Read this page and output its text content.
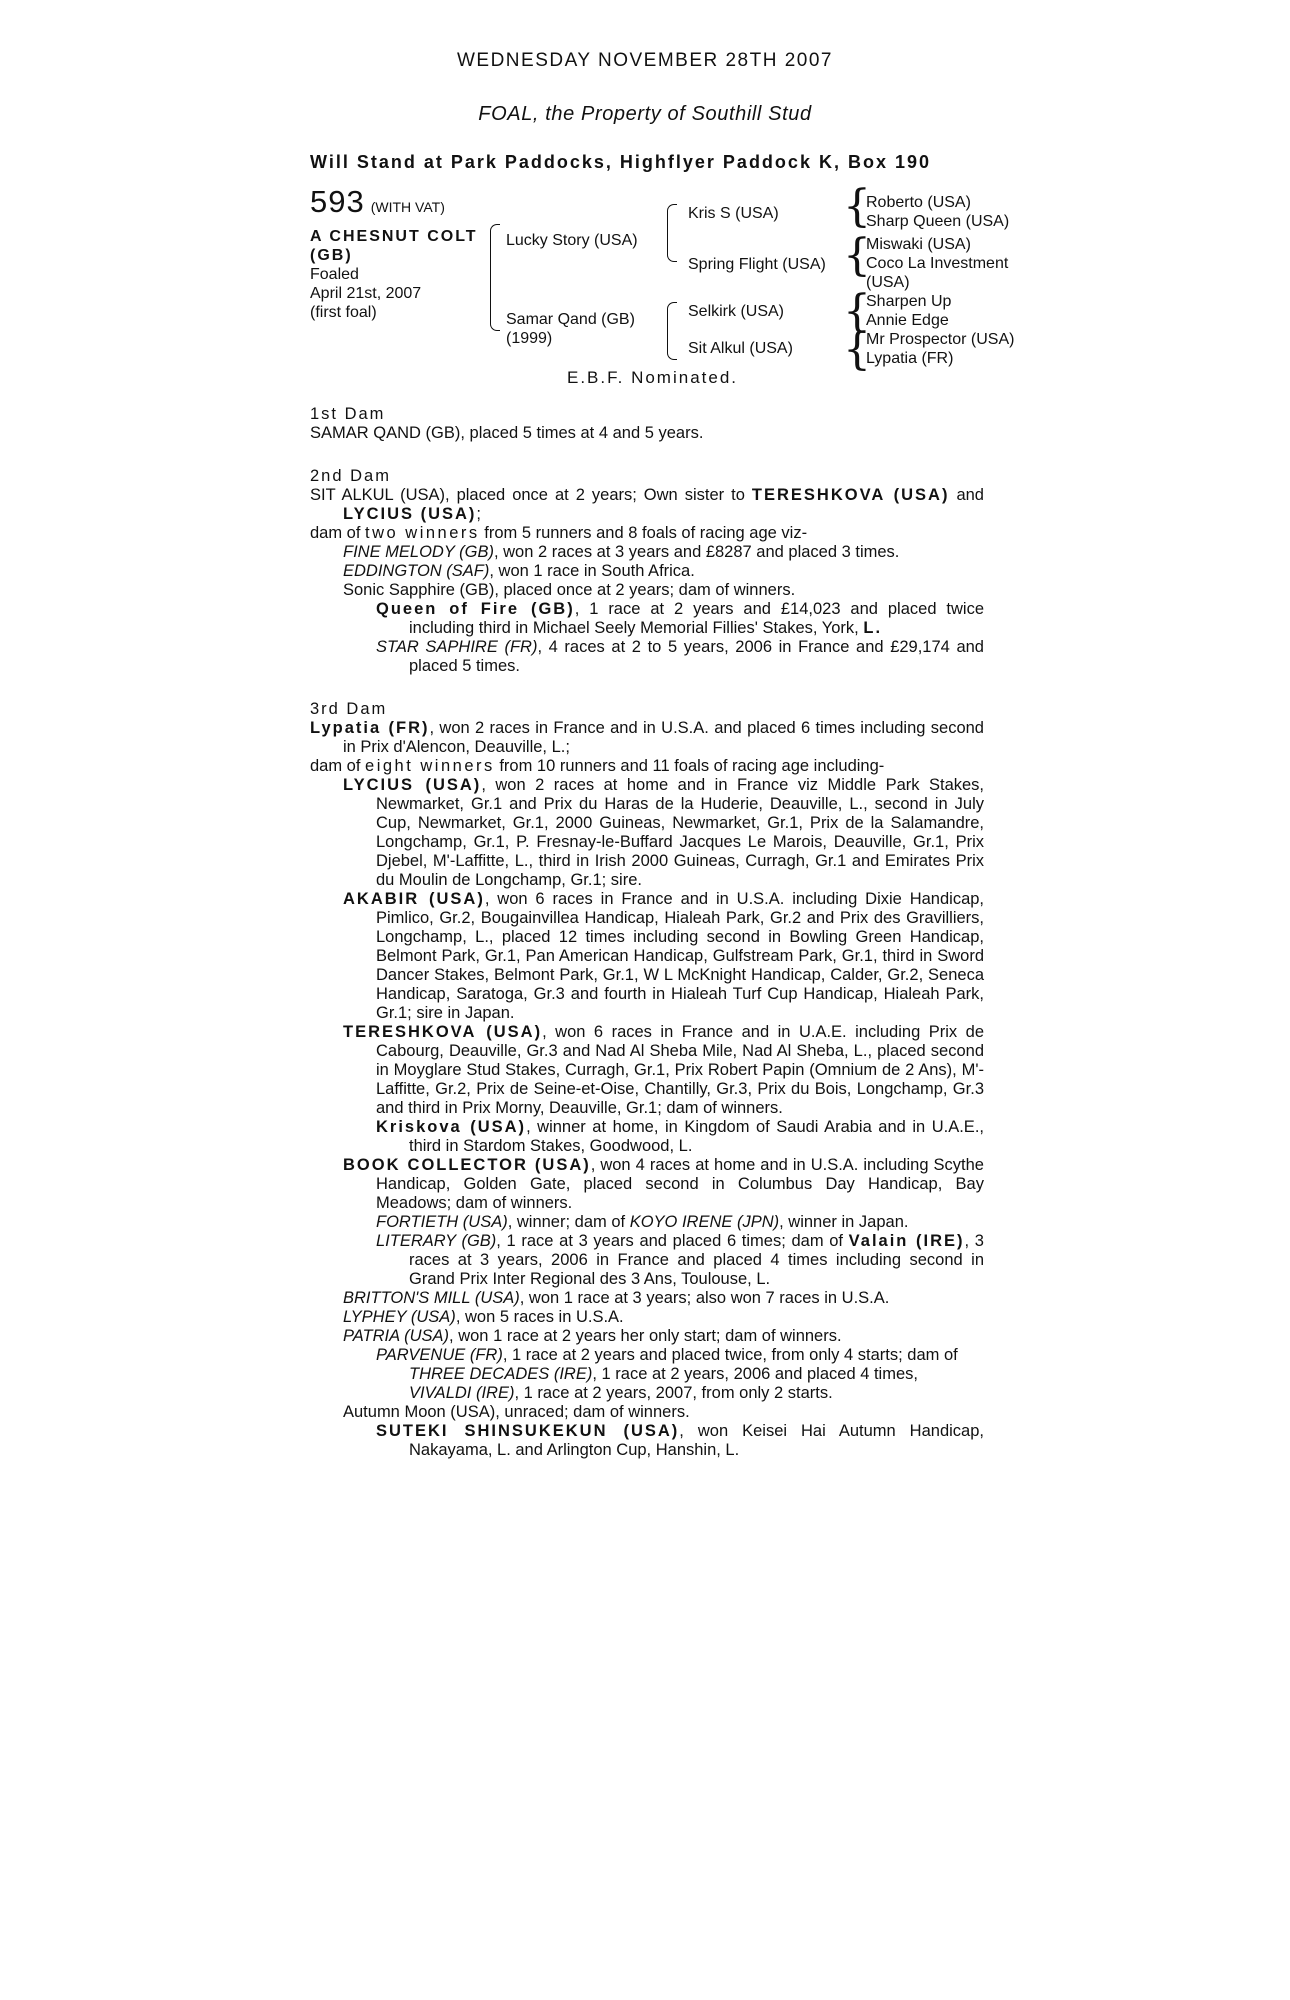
WEDNESDAY NOVEMBER 28TH 2007
FOAL, the Property of Southill Stud
Will Stand at Park Paddocks, Highflyer Paddock K, Box 190
593 (WITH VAT)
A CHESNUT COLT
(GB)
Foaled
April 21st, 2007
(first foal)
Lucky Story (USA)
Samar Qand (GB)
(1999)
Kris S (USA)
Spring Flight (USA)
Selkirk (USA)
Sit Alkul (USA)
{
Roberto (USA)
Sharp Queen (USA)
{
Miswaki (USA)
Coco La Investment
(USA)
{
Sharpen Up
Annie Edge
{
Mr Prospector (USA)
Lypatia (FR)
E.B.F. Nominated.
1st Dam

SAMAR QAND (GB), placed 5 times at 4 and 5 years.

2nd Dam

SIT ALKUL (USA), placed once at 2 years; Own sister to TERESHKOVA (USA) and LYCIUS (USA);

dam of two winners from 5 runners and 8 foals of racing age viz-

FINE MELODY (GB), won 2 races at 3 years and £8287 and placed 3 times.

EDDINGTON (SAF), won 1 race in South Africa.

Sonic Sapphire (GB), placed once at 2 years; dam of winners.

Queen of Fire (GB), 1 race at 2 years and £14,023 and placed twice including third in Michael Seely Memorial Fillies' Stakes, York, L.

STAR SAPHIRE (FR), 4 races at 2 to 5 years, 2006 in France and £29,174 and placed 5 times.

3rd Dam

Lypatia (FR), won 2 races in France and in U.S.A. and placed 6 times including second in Prix d'Alencon, Deauville, L.;

dam of eight winners from 10 runners and 11 foals of racing age including-

LYCIUS (USA), won 2 races at home and in France viz Middle Park Stakes, Newmarket, Gr.1 and Prix du Haras de la Huderie, Deauville, L., second in July Cup, Newmarket, Gr.1, 2000 Guineas, Newmarket, Gr.1, Prix de la Salamandre, Longchamp, Gr.1, P. Fresnay-le-Buffard Jacques Le Marois, Deauville, Gr.1, Prix Djebel, M'-Laffitte, L., third in Irish 2000 Guineas, Curragh, Gr.1 and Emirates Prix du Moulin de Longchamp, Gr.1; sire.

AKABIR (USA), won 6 races in France and in U.S.A. including Dixie Handicap, Pimlico, Gr.2, Bougainvillea Handicap, Hialeah Park, Gr.2 and Prix des Gravilliers, Longchamp, L., placed 12 times including second in Bowling Green Handicap, Belmont Park, Gr.1, Pan American Handicap, Gulfstream Park, Gr.1, third in Sword Dancer Stakes, Belmont Park, Gr.1, W L McKnight Handicap, Calder, Gr.2, Seneca Handicap, Saratoga, Gr.3 and fourth in Hialeah Turf Cup Handicap, Hialeah Park, Gr.1; sire in Japan.

TERESHKOVA (USA), won 6 races in France and in U.A.E. including Prix de Cabourg, Deauville, Gr.3 and Nad Al Sheba Mile, Nad Al Sheba, L., placed second in Moyglare Stud Stakes, Curragh, Gr.1, Prix Robert Papin (Omnium de 2 Ans), M'-Laffitte, Gr.2, Prix de Seine-et-Oise, Chantilly, Gr.3, Prix du Bois, Longchamp, Gr.3 and third in Prix Morny, Deauville, Gr.1; dam of winners.

Kriskova (USA), winner at home, in Kingdom of Saudi Arabia and in U.A.E., third in Stardom Stakes, Goodwood, L.

BOOK COLLECTOR (USA), won 4 races at home and in U.S.A. including Scythe Handicap, Golden Gate, placed second in Columbus Day Handicap, Bay Meadows; dam of winners.

FORTIETH (USA), winner; dam of KOYO IRENE (JPN), winner in Japan.

LITERARY (GB), 1 race at 3 years and placed 6 times; dam of Valain (IRE), 3 races at 3 years, 2006 in France and placed 4 times including second in Grand Prix Inter Regional des 3 Ans, Toulouse, L.

BRITTON'S MILL (USA), won 1 race at 3 years; also won 7 races in U.S.A.

LYPHEY (USA), won 5 races in U.S.A.

PATRIA (USA), won 1 race at 2 years her only start; dam of winners.

PARVENUE (FR), 1 race at 2 years and placed twice, from only 4 starts; dam of
THREE DECADES (IRE), 1 race at 2 years, 2006 and placed 4 times,
VIVALDI (IRE), 1 race at 2 years, 2007, from only 2 starts.

Autumn Moon (USA), unraced; dam of winners.

SUTEKI SHINSUKEKUN (USA), won Keisei Hai Autumn Handicap, Nakayama, L. and Arlington Cup, Hanshin, L.
